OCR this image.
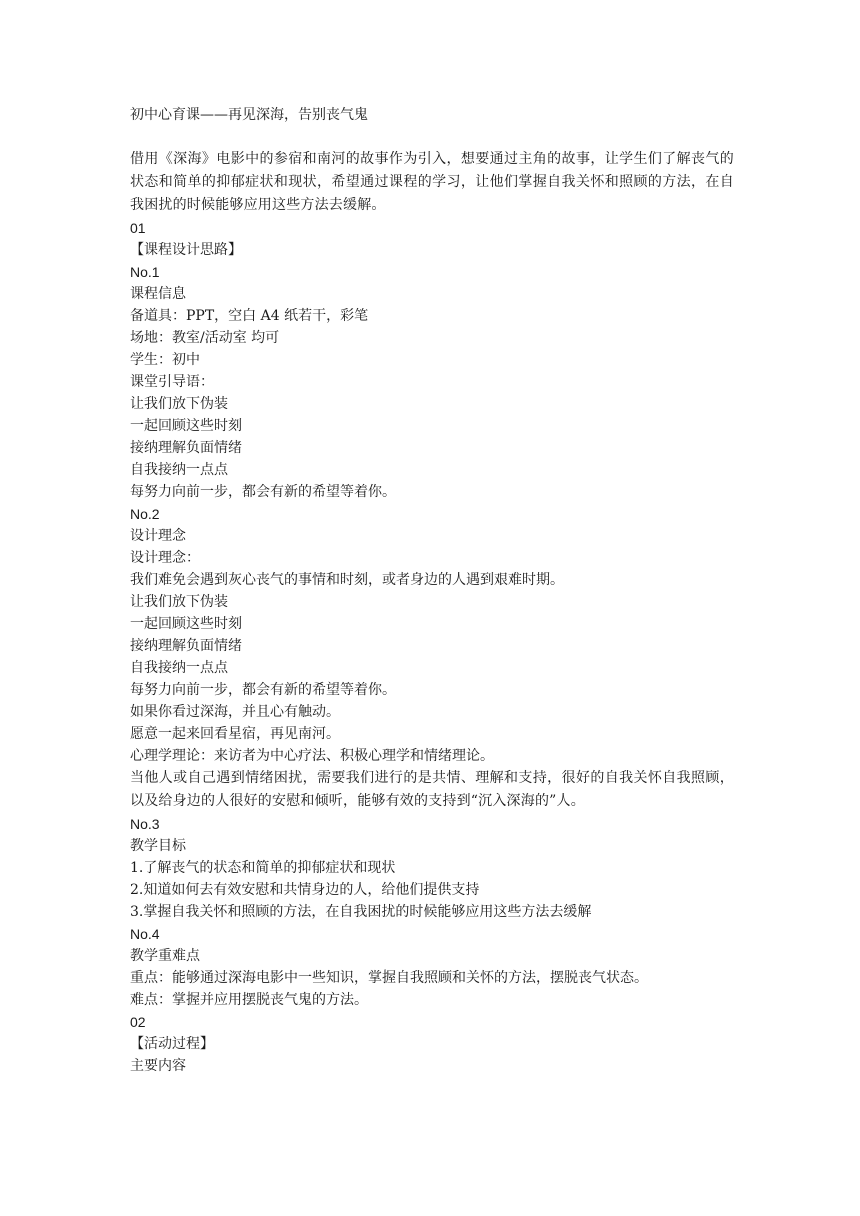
初中心育课——再见深海，告别丧气鬼
借用《深海》电影中的参宿和南河的故事作为引入，想要通过主角的故事，让学生们了解丧气的状态和简单的抑郁症状和现状，希望通过课程的学习，让他们掌握自我关怀和照顾的方法，在自我困扰的时候能够应用这些方法去缓解。
01
【课程设计思路】
No.1
课程信息
备道具：PPT，空白 A4 纸若干，彩笔
场地：教室/活动室 均可
学生：初中
课堂引导语：
让我们放下伪装
一起回顾这些时刻
接纳理解负面情绪
自我接纳一点点
每努力向前一步，都会有新的希望等着你。
No.2
设计理念
设计理念：
我们难免会遇到灰心丧气的事情和时刻，或者身边的人遇到艰难时期。
让我们放下伪装
一起回顾这些时刻
接纳理解负面情绪
自我接纳一点点
每努力向前一步，都会有新的希望等着你。
如果你看过深海，并且心有触动。
愿意一起来回看星宿，再见南河。
心理学理论：来访者为中心疗法、积极心理学和情绪理论。
当他人或自己遇到情绪困扰，需要我们进行的是共情、理解和支持，很好的自我关怀自我照顾，以及给身边的人很好的安慰和倾听，能够有效的支持到“沉入深海的”人。
No.3
教学目标
1.了解丧气的状态和简单的抑郁症状和现状
2.知道如何去有效安慰和共情身边的人，给他们提供支持
3.掌握自我关怀和照顾的方法，在自我困扰的时候能够应用这些方法去缓解
No.4
教学重难点
重点：能够通过深海电影中一些知识，掌握自我照顾和关怀的方法，摆脱丧气状态。
难点：掌握并应用摆脱丧气鬼的方法。
02
【活动过程】
主要内容
